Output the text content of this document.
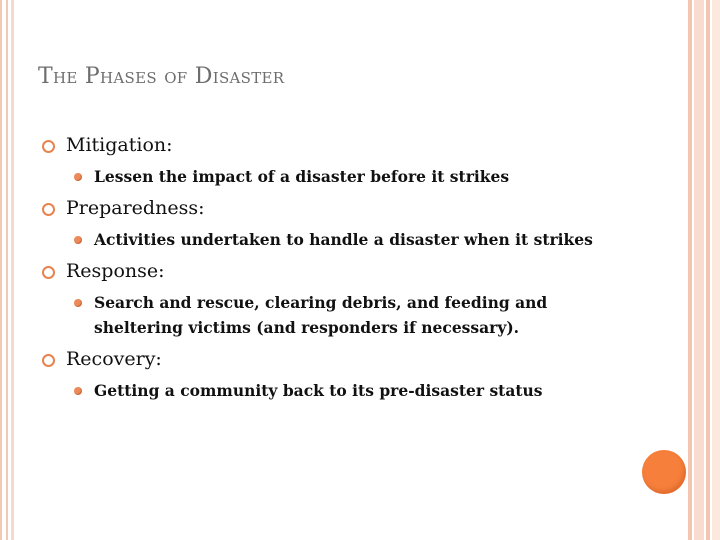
The Phases of Disaster
Mitigation:
Lessen the impact of a disaster before it strikes
Preparedness:
Activities undertaken to handle a disaster when it strikes
Response:
Search and rescue, clearing debris, and feeding and sheltering victims (and responders if necessary).
Recovery:
Getting a community back to its pre-disaster status
